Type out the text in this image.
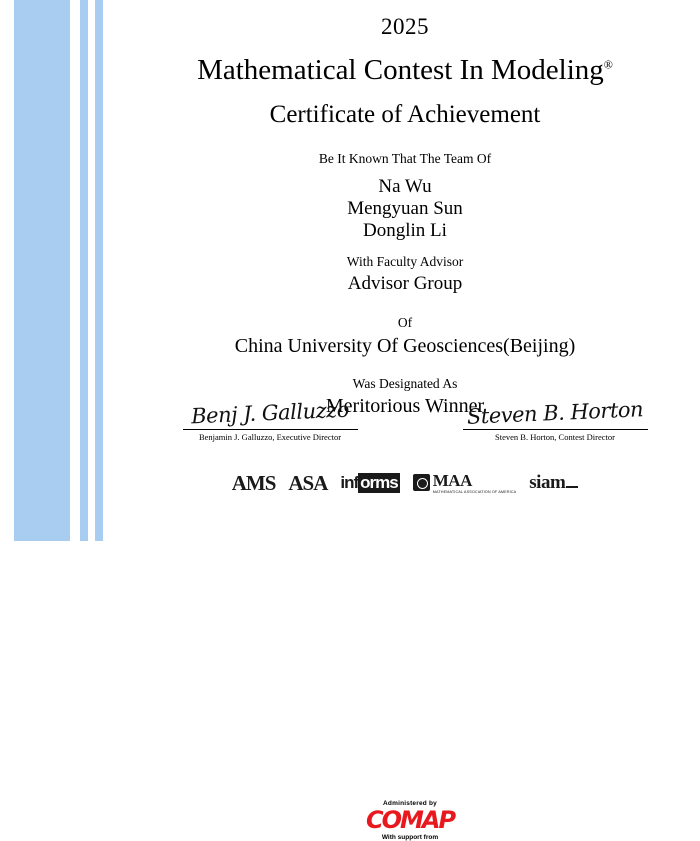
2025
Mathematical Contest In Modeling®
Certificate of Achievement
Be It Known That The Team Of
Na Wu
Mengyuan Sun
Donglin Li
With Faculty Advisor
Advisor Group
Of
China University Of Geosciences(Beijing)
Was Designated As
Meritorious Winner
Benj J. Galluzzo
Benjamin J. Galluzzo, Executive Director
Steven B. Horton
Steven B. Horton, Contest Director
Administered by
COMAP
With support from
AMS ASA inf orms MAA
MATHEMATICAL ASSOCIATION OF AMERICA siam
